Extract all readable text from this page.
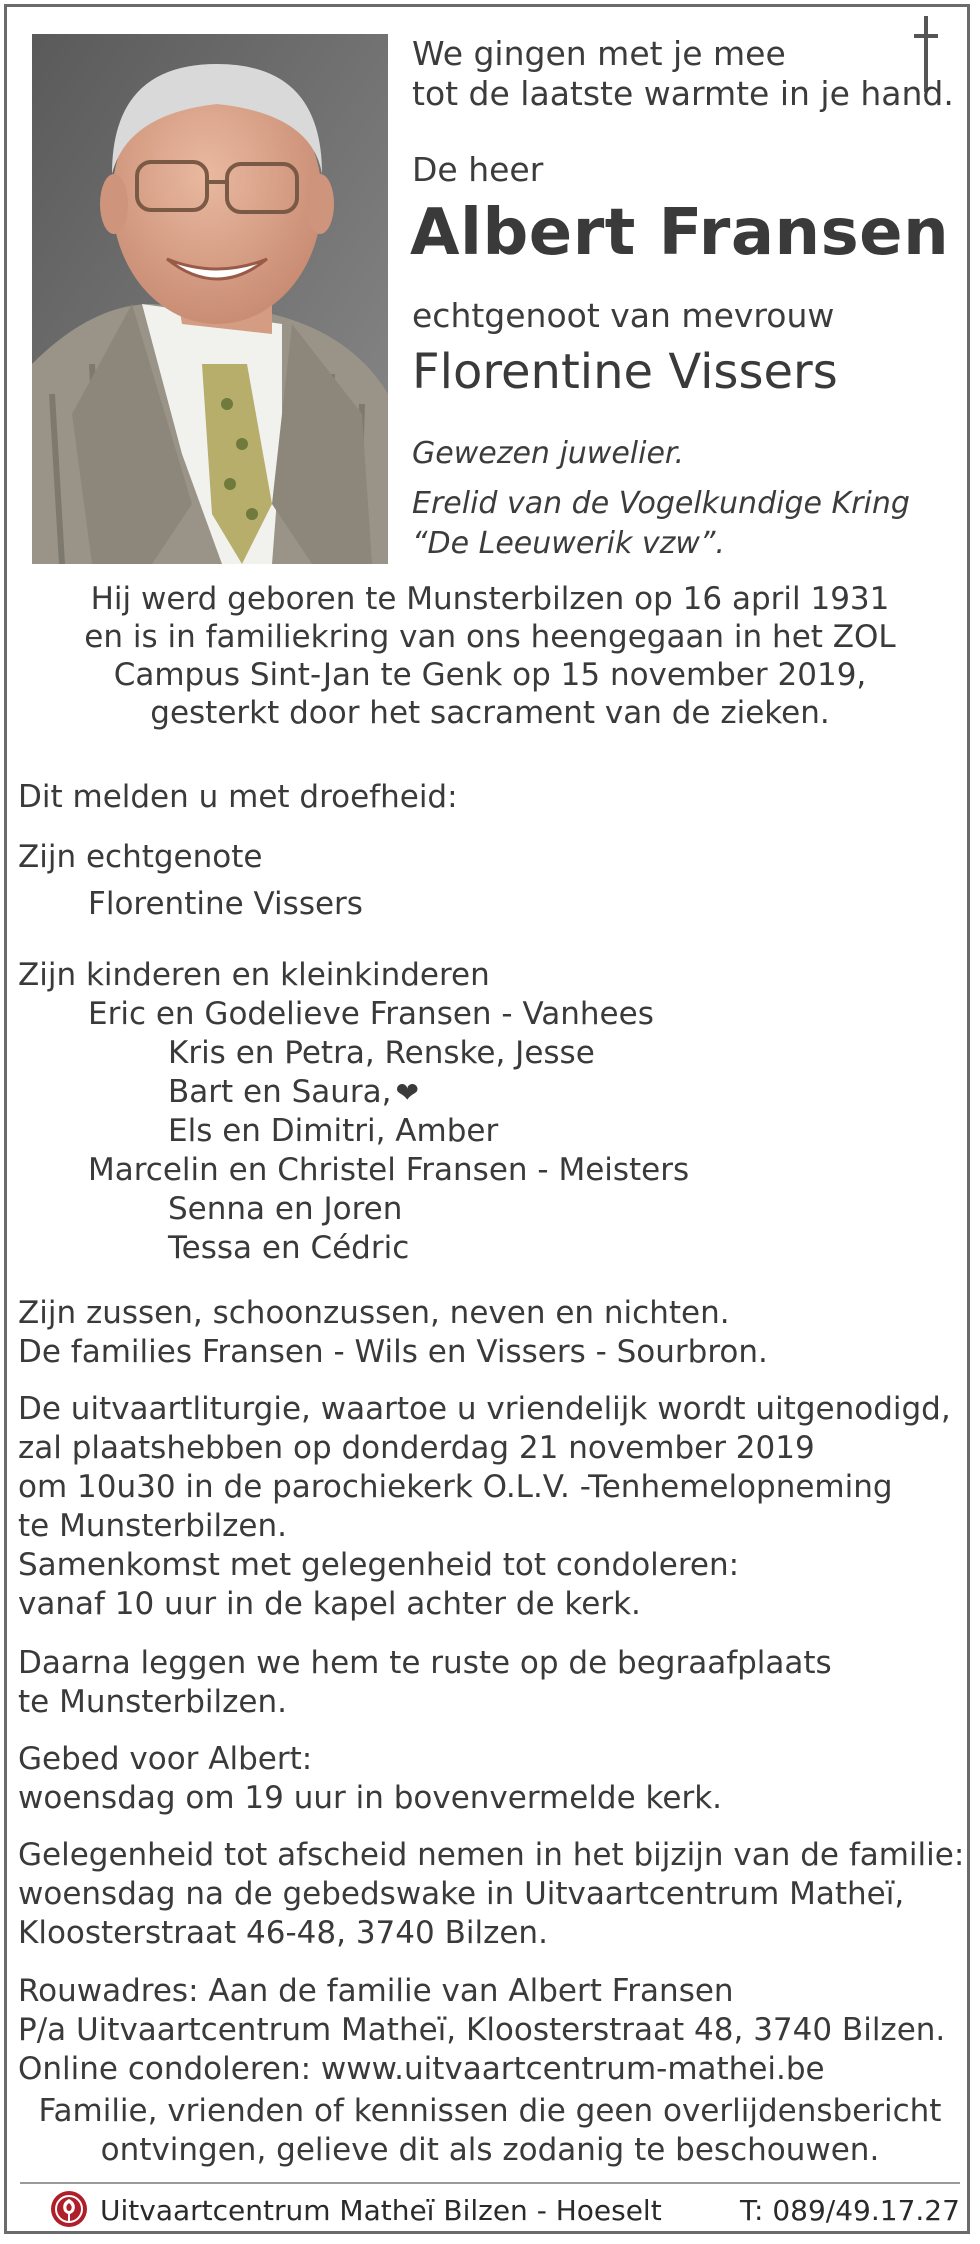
We gingen met je mee
tot de laatste warmte in je hand.
De heer
Albert Fransen
echtgenoot van mevrouw
Florentine Vissers
Gewezen juwelier.
Erelid van de Vogelkundige Kring
“De Leeuwerik vzw”.
Hij werd geboren te Munsterbilzen op 16 april 1931
en is in familiekring van ons heengegaan in het ZOL
Campus Sint-Jan te Genk op 15 november 2019,
gesterkt door het sacrament van de zieken.
Dit melden u met droefheid:
Zijn echtgenote
Florentine Vissers
Zijn kinderen en kleinkinderen
Eric en Godelieve Fransen - Vanhees
Kris en Petra, Renske, Jesse
Bart en Saura, ❤
Els en Dimitri, Amber
Marcelin en Christel Fransen - Meisters
Senna en Joren
Tessa en Cédric
Zijn zussen, schoonzussen, neven en nichten.
De families Fransen - Wils en Vissers - Sourbron.
De uitvaartliturgie, waartoe u vriendelijk wordt uitgenodigd,
zal plaatshebben op donderdag 21 november 2019
om 10u30 in de parochiekerk O.L.V. -Tenhemelopneming
te Munsterbilzen.
Samenkomst met gelegenheid tot condoleren:
vanaf 10 uur in de kapel achter de kerk.
Daarna leggen we hem te ruste op de begraafplaats
te Munsterbilzen.
Gebed voor Albert:
woensdag om 19 uur in bovenvermelde kerk.
Gelegenheid tot afscheid nemen in het bijzijn van de familie:
woensdag na de gebedswake in Uitvaartcentrum Matheï,
Kloosterstraat 46-48, 3740 Bilzen.
Rouwadres: Aan de familie van Albert Fransen
P/a Uitvaartcentrum Matheï, Kloosterstraat 48, 3740 Bilzen.
Online condoleren: www.uitvaartcentrum-mathei.be
Familie, vrienden of kennissen die geen overlijdensbericht
ontvingen, gelieve dit als zodanig te beschouwen.
Uitvaartcentrum Matheï Bilzen - Hoeselt	T: 089/49.17.27
